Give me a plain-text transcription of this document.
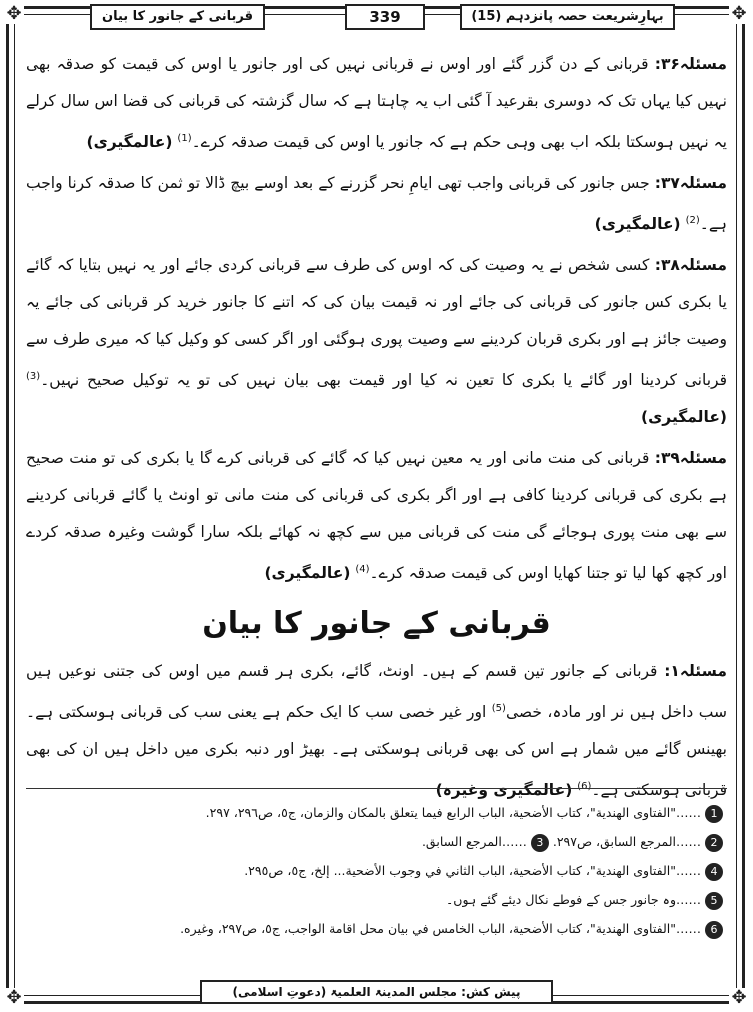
✥	✥
✥	✥
بہارِشریعت حصہ پانزدہم (15)
339
قربانی کے جانور کا بیان

مسئلہ۳۶: قربانی کے دن گزر گئے اور اوس نے قربانی نہیں کی اور جانور یا اوس کی قیمت کو صدقہ بھی نہیں کیا یہاں تک کہ دوسری بقرعید آ گئی اب یہ چاہتا ہے کہ سال گزشتہ کی قربانی کی قضا اس سال کرلے یہ نہیں ہوسکتا بلکہ اب بھی وہی حکم ہے کہ جانور یا اوس کی قیمت صدقہ کرے۔$^{(1)}$ (عالمگیری)

مسئلہ۳۷: جس جانور کی قربانی واجب تھی ایامِ نحر گزرنے کے بعد اوسے بیچ ڈالا تو ثمن کا صدقہ کرنا واجب ہے۔$^{(2)}$ (عالمگیری)

مسئلہ۳۸: کسی شخص نے یہ وصیت کی کہ اوس کی طرف سے قربانی کردی جائے اور یہ نہیں بتایا کہ گائے یا بکری کس جانور کی قربانی کی جائے اور نہ قیمت بیان کی کہ اتنے کا جانور خرید کر قربانی کی جائے یہ وصیت جائز ہے اور بکری قربان کردینے سے وصیت پوری ہوگئی اور اگر کسی کو وکیل کیا کہ میری طرف سے قربانی کردینا اور گائے یا بکری کا تعین نہ کیا اور قیمت بھی بیان نہیں کی تو یہ توکیل صحیح نہیں۔$^{(3)}$ (عالمگیری)

مسئلہ۳۹: قربانی کی منت مانی اور یہ معین نہیں کیا کہ گائے کی قربانی کرے گا یا بکری کی تو منت صحیح ہے بکری کی قربانی کردینا کافی ہے اور اگر بکری کی قربانی کی منت مانی تو اونٹ یا گائے قربانی کردینے سے بھی منت پوری ہوجائے گی منت کی قربانی میں سے کچھ نہ کھائے بلکہ سارا گوشت وغیرہ صدقہ کردے اور کچھ کھا لیا تو جتنا کھایا اوس کی قیمت صدقہ کرے۔$^{(4)}$ (عالمگیری)

قربانی کے جانور کا بیان

مسئلہ۱: قربانی کے جانور تین قسم کے ہیں۔ اونٹ، گائے، بکری ہر قسم میں اوس کی جتنی نوعیں ہیں سب داخل ہیں نر اور مادہ، خصی$^{(5)}$ اور غیر خصی سب کا ایک حکم ہے یعنی سب کی قربانی ہوسکتی ہے۔ بھینس گائے میں شمار ہے اس کی بھی قربانی ہوسکتی ہے۔ بھیڑ اور دنبہ بکری میں داخل ہیں ان کی بھی قربانی ہوسکتی ہے۔$^{(6)}$ (عالمگیری وغیرہ)

1……"الفتاوى الهندية"، كتاب الأضحية، الباب الرابع فيما يتعلق بالمكان والزمان، ج٥، ص٢٩٦، ٢٩٧.
2……المرجع السابق، ص٢٩٧. 3……المرجع السابق.
4……"الفتاوى الهندية"، كتاب الأضحية، الباب الثاني في وجوب الأضحية... إلخ، ج٥، ص٢٩٥.
5……وہ جانور جس کے فوطے نکال دیئے گئے ہوں۔
6……"الفتاوى الهندية"، كتاب الأضحية، الباب الخامس في بيان محل اقامة الواجب، ج٥، ص٢٩٧، وغيره.
پیش کش: مجلس المدینۃ العلمیۃ (دعوتِ اسلامی)
